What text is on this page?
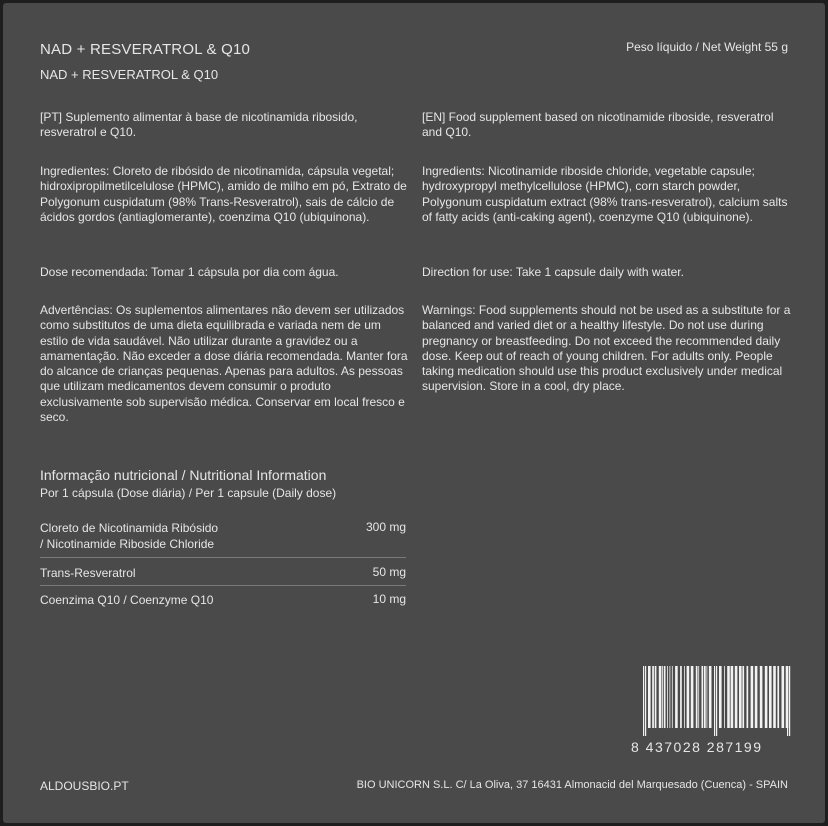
NAD + RESVERATROL & Q10
NAD + RESVERATROL & Q10
Peso líquido / Net Weight 55 g

[PT] Suplemento alimentar à base de nicotinamida ribosido, resveratrol e Q10.

Ingredientes: Cloreto de ribósido de nicotinamida, cápsula vegetal; hidroxipropilmetilcelulose (HPMC), amido de milho em pó, Extrato de Polygonum cuspidatum (98% Trans-Resveratrol), sais de cálcio de ácidos gordos (antiaglomerante), coenzima Q10 (ubiquinona).

Dose recomendada: Tomar 1 cápsula por dia com água.

Advertências: Os suplementos alimentares não devem ser utilizados como substitutos de uma dieta equilibrada e variada nem de um estilo de vida saudável. Não utilizar durante a gravidez ou a amamentação. Não exceder a dose diária recomendada. Manter fora do alcance de crianças pequenas. Apenas para adultos. As pessoas que utilizam medicamentos devem consumir o produto exclusivamente sob supervisão médica. Conservar em local fresco e seco.

[EN] Food supplement based on nicotinamide riboside, resveratrol and Q10.

Ingredients: Nicotinamide riboside chloride, vegetable capsule; hydroxypropyl methylcellulose (HPMC), corn starch powder, Polygonum cuspidatum extract (98% trans-resveratrol), calcium salts of fatty acids (anti-caking agent), coenzyme Q10 (ubiquinone).

Direction for use: Take 1 capsule daily with water.

Warnings: Food supplements should not be used as a substitute for a balanced and varied diet or a healthy lifestyle. Do not use during pregnancy or breastfeeding. Do not exceed the recommended daily dose. Keep out of reach of young children. For adults only. People taking medication should use this product exclusively under medical supervision. Store in a cool, dry place.

Informação nutricional / Nutritional Information
Por 1 cápsula (Dose diária) / Per 1 capsule (Daily dose)
Cloreto de Nicotinamida Ribósido
/ Nicotinamide Riboside Chloride
300 mg
Trans-Resveratrol	50 mg
Coenzima Q10 / Coenzyme Q10	10 mg
8 437028 287199
ALDOUSBIO.PT	BIO UNICORN S.L. C/ La Oliva, 37 16431 Almonacid del Marquesado (Cuenca) - SPAIN
